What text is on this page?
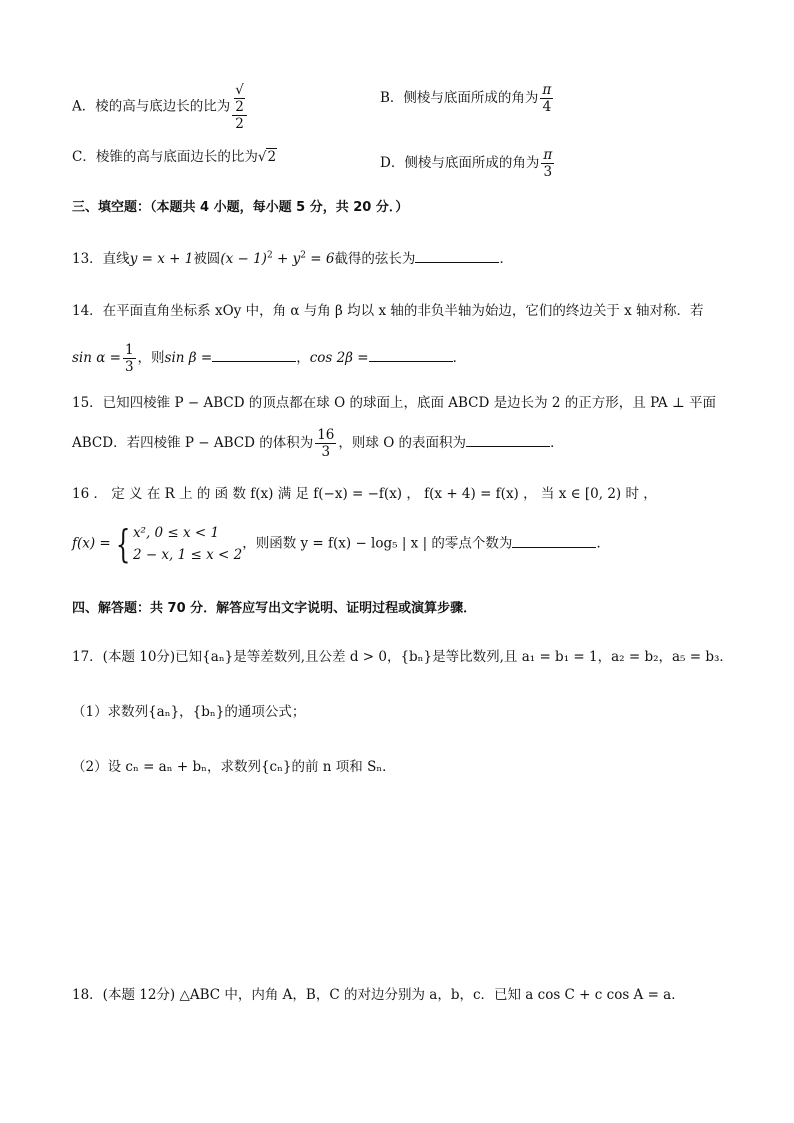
A．棱的高与底边长的比为 √
2
2	B．侧棱与底面所成的角为 $\frac{\pi}{4}$
C．棱锥的高与底面边长的比为√2	D．侧棱与底面所成的角为 $\frac{\pi}{3}$
三、填空题：（本题共 4 小题，每小题 5 分，共 20 分．）
13．直线y = x + 1被圆$(x - 1)^2 + y^2 = 6$截得的弦长为	．
14．在平面直角坐标系 xOy 中，角 α 与角 β 均以 x 轴的非负半轴为始边，它们的终边关于 x 轴对称．若
$\sin \alpha = \frac{1}{3}$ ，则sin β =	，cos 2β =	．
15．已知四棱锥 P − ABCD 的顶点都在球 O 的球面上，底面 ABCD 是边长为 2 的正方形，且 PA ⊥ 平面
ABCD．若四棱锥 P − ABCD 的体积为 $\frac{16}{3}$ ，则球 O 的表面积为	．
16 ． 定 义 在 R 上 的 函 数 f(x) 满 足 f(−x) = −f(x) ， f(x + 4) = f(x) ， 当 x ∈ [0, 2) 时 ，
f(x) = { x², 0 ≤ x < 1
2 − x, 1 ≤ x < 2
，则函数 y = f(x) − log₅ | x | 的零点个数为	．
四、解答题：共 70 分．解答应写出文字说明、证明过程或演算步骤．
17．(本题 10分)已知{aₙ}是等差数列,且公差 d > 0，{bₙ}是等比数列,且 a₁ = b₁ = 1，a₂ = b₂，a₅ = b₃．
（1）求数列{aₙ}，{bₙ}的通项公式；
（2）设 cₙ = aₙ + bₙ，求数列{cₙ}的前 n 项和 Sₙ．
18．(本题 12分) △ABC 中，内角 A，B，C 的对边分别为 a，b，c．已知 a cos C + c cos A = a．
